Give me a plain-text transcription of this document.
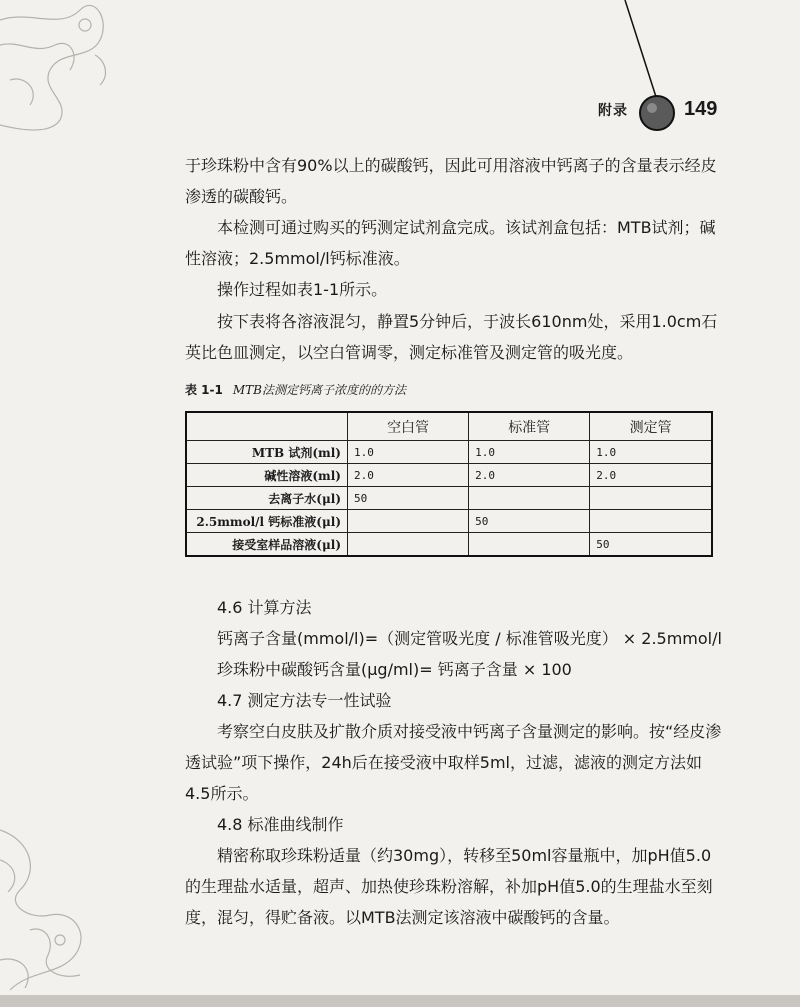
附录	149

于珍珠粉中含有90%以上的碳酸钙，因此可用溶液中钙离子的含量表示经皮渗透的碳酸钙。

本检测可通过购买的钙测定试剂盒完成。该试剂盒包括：MTB试剂；碱性溶液；2.5mmol/l钙标准液。

操作过程如表1-1所示。

按下表将各溶液混匀，静置5分钟后，于波长610nm处，采用1.0cm石英比色皿测定，以空白管调零，测定标准管及测定管的吸光度。

表 1-1 MTB法测定钙离子浓度的的方法
	空白管	标准管	测定管
MTB 试剂(ml)	1.0	1.0	1.0
碱性溶液(ml)	2.0	2.0	2.0
去离子水(μl)	50		
2.5mmol/l 钙标准液(μl)		50	
接受室样品溶液(μl)			50
4.6 计算方法
钙离子含量(mmol/l)=（测定管吸光度 / 标准管吸光度） × 2.5mmol/l
珍珠粉中碳酸钙含量(μg/ml)= 钙离子含量 × 100
4.7 测定方法专一性试验

考察空白皮肤及扩散介质对接受液中钙离子含量测定的影响。按“经皮渗透试验”项下操作，24h后在接受液中取样5ml，过滤，滤液的测定方法如4.5所示。

4.8 标准曲线制作

精密称取珍珠粉适量（约30mg），转移至50ml容量瓶中，加pH值5.0的生理盐水适量，超声、加热使珍珠粉溶解，补加pH值5.0的生理盐水至刻度，混匀，得贮备液。以MTB法测定该溶液中碳酸钙的含量。
